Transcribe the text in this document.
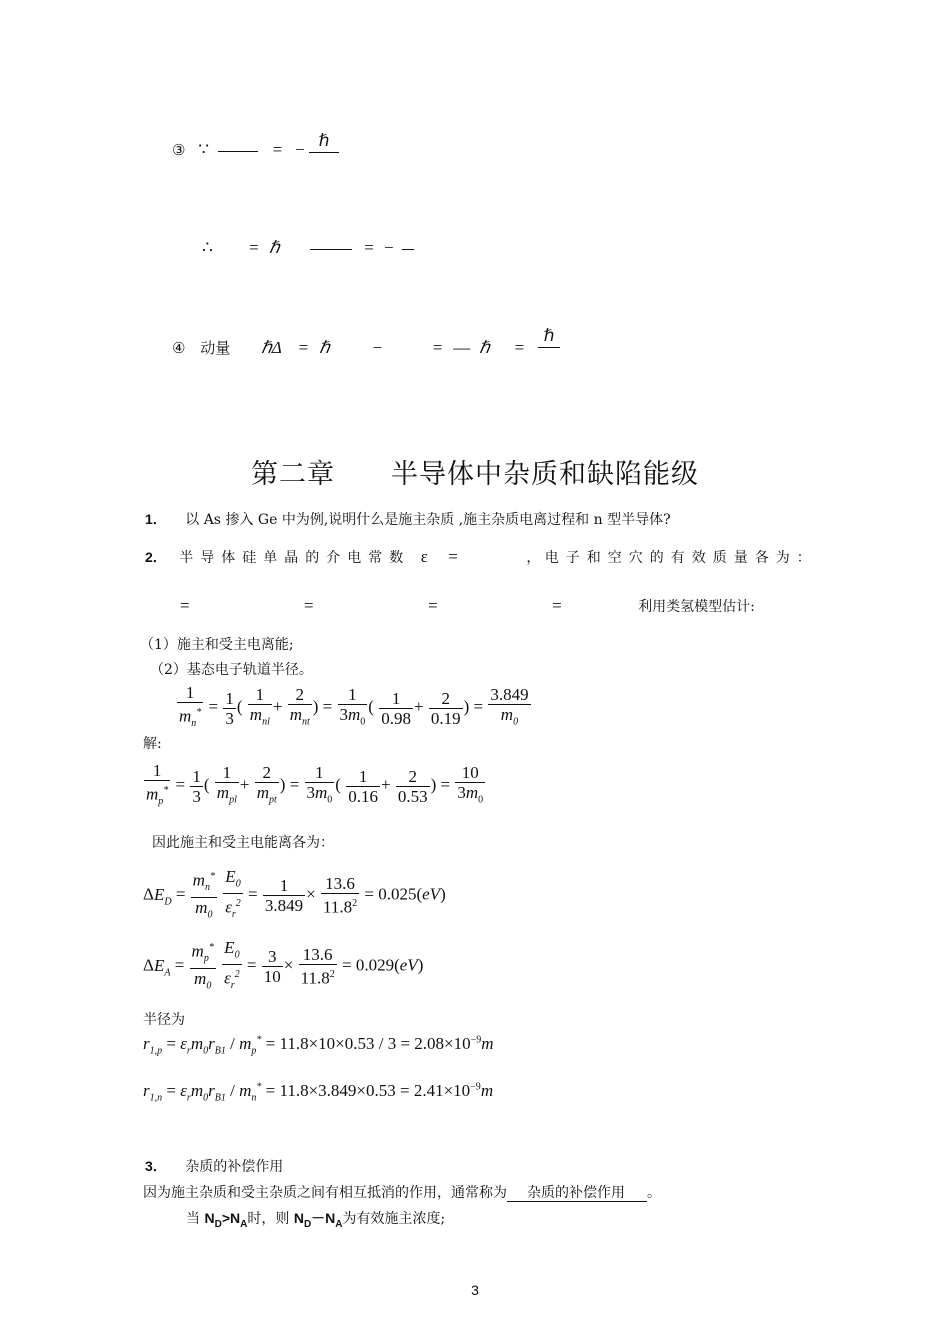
③ ∵	= − ℏ
∴ = ℏ	= −
④ 动量 ℏΔ = ℏ	−	= — ℏ =
ℏ
第二章　　半导体中杂质和缺陷能级
1． 以 As 掺入 Ge 中为例,说明什么是施主杂质 ,施主杂质电离过程和 n 型半导体?
2． 半导体硅单晶的介电常数 ε =	， 电子和空穴的有效质量各为：
=	=	=	=	利用类氢模型估计:
（1）施主和受主电离能;
（2）基态电子轨道半径。
$\frac{1}{m_n^*} = \frac{1}{3}$ ( $\frac{1}{m_{nl}} + \frac{2}{m_{nt}}$ ) = $\frac{1}{3m_0}$ ( $\frac{1}{0.98} + \frac{2}{0.19}$ ) = $\frac{3.849}{m_0}$
解:
$\frac{1}{m_p^*} = \frac{1}{3}$ ( $\frac{1}{m_{pl}} + \frac{2}{m_{pt}}$ ) = $\frac{1}{3m_0}$ ( $\frac{1}{0.16} + \frac{2}{0.53}$ ) = $\frac{10}{3m_0}$
因此施主和受主电能离各为：
$\Delta E_D = \frac{m_n^*}{m_0}$
$\frac{E_0}{\varepsilon_r^2} = \frac{1}{3.849} \times \frac{13.6}{11.8^2} = 0.025(eV)$
$\Delta E_A = \frac{m_p^*}{m_0}$
$\frac{E_0}{\varepsilon_r^2} = \frac{3}{10} \times \frac{13.6}{11.8^2} = 0.029(eV)$
半径为
$r_{1,p} = \varepsilon_rm_0r_{B1} / m_p^* = 11.8\times 10\times 0.53 / 3 = 2.08\times 10^{-9}m$
$r_{1,n} = \varepsilon_rm_0r_{B1} / m_n^* = 11.8\times 3.849\times 0.53 = 2.41\times 10^{-9}m$
3． 杂质的补偿作用
因为施主杂质和受主杂质之间有相互抵消的作用，通常称为 杂质的补偿作用 。
当 $N_D>N_A$时，则 $N_D-N_A$为有效施主浓度;
3
